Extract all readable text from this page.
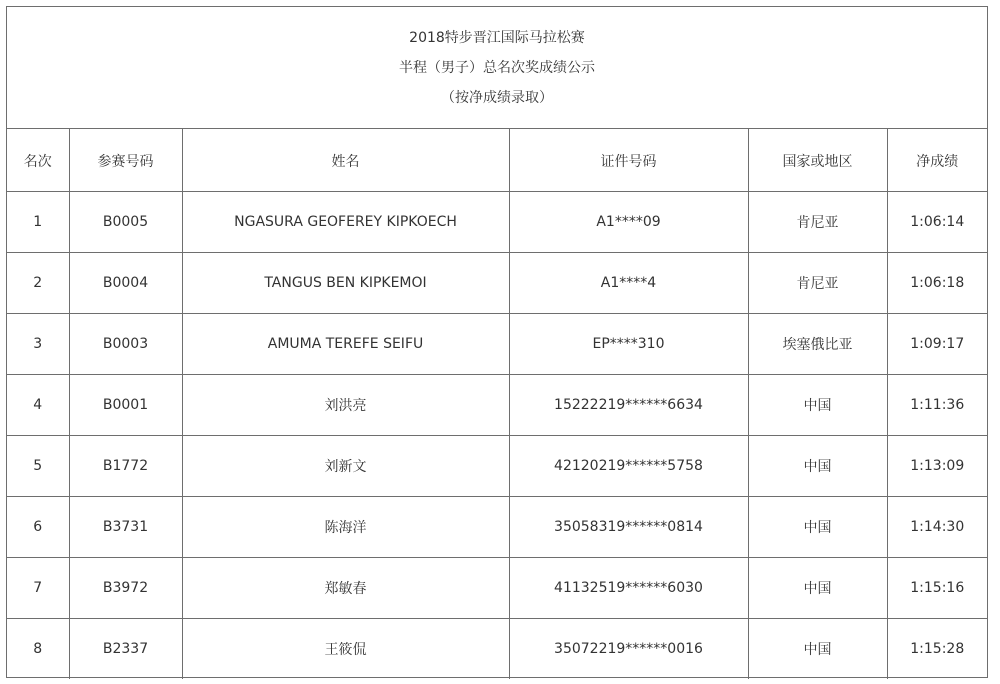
2018特步晋江国际马拉松赛
半程（男子）总名次奖成绩公示
（按净成绩录取）
名次	参赛号码	姓名	证件号码	国家或地区	净成绩
1	B0005	NGASURA GEOFEREY KIPKOECH	A1****09	肯尼亚	1:06:14
2	B0004	TANGUS BEN KIPKEMOI	A1****4	肯尼亚	1:06:18
3	B0003	AMUMA TEREFE SEIFU	EP****310	埃塞俄比亚	1:09:17
4	B0001	刘洪亮	15222219******6634	中国	1:11:36
5	B1772	刘新文	42120219******5758	中国	1:13:09
6	B3731	陈海洋	35058319******0814	中国	1:14:30
7	B3972	郑敏春	41132519******6030	中国	1:15:16
8	B2337	王筱侃	35072219******0016	中国	1:15:28
